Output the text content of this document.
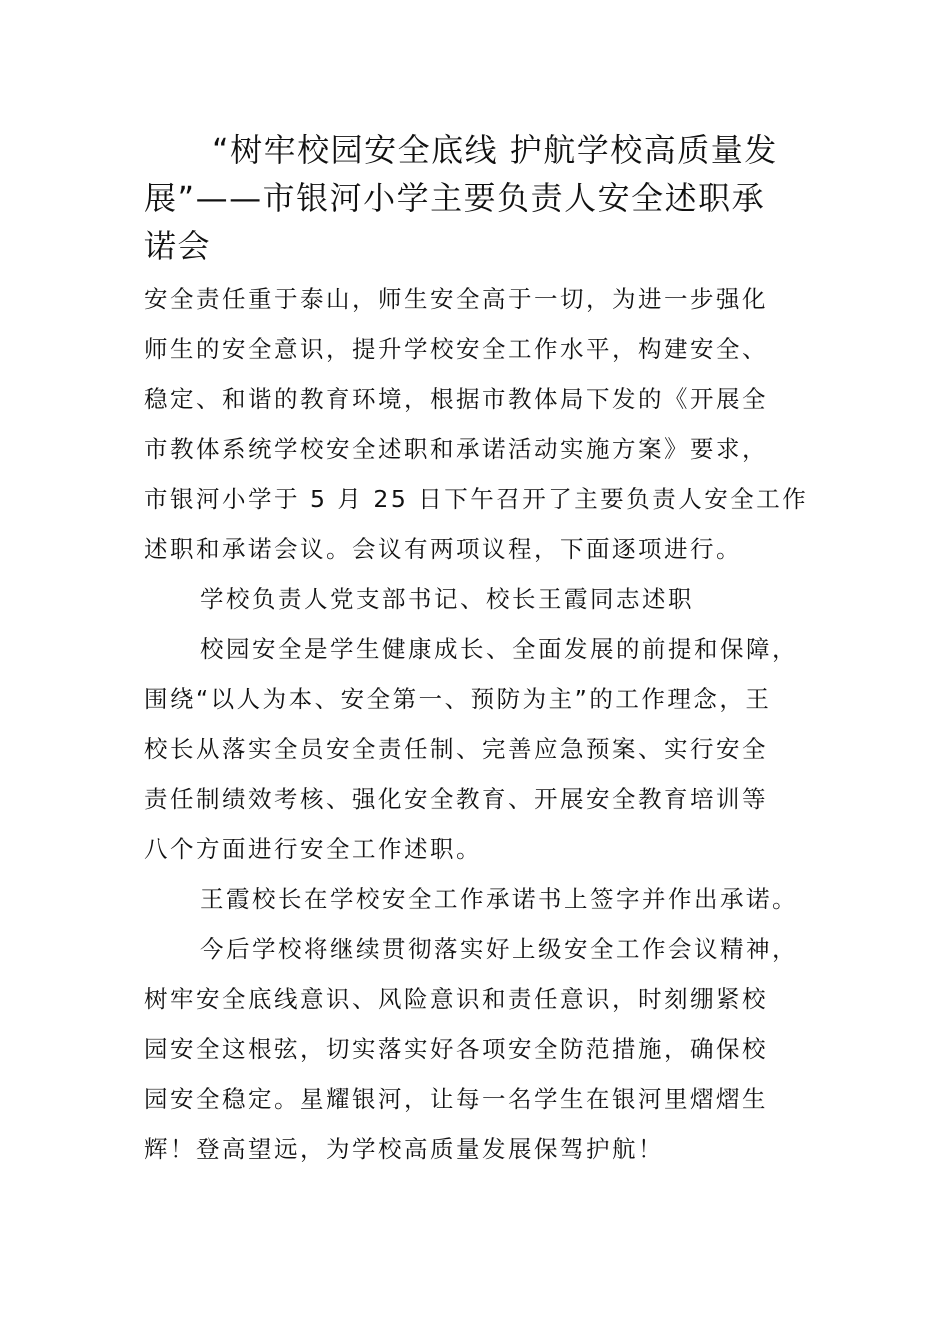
“树牢校园安全底线 护航学校高质量发
展”——市银河小学主要负责人安全述职承
诺会
安全责任重于泰山，师生安全高于一切，为进一步强化
师生的安全意识，提升学校安全工作水平，构建安全、
稳定、和谐的教育环境，根据市教体局下发的《开展全
市教体系统学校安全述职和承诺活动实施方案》要求，
市银河小学于 5 月 25 日下午召开了主要负责人安全工作
述职和承诺会议。会议有两项议程，下面逐项进行。
学校负责人党支部书记、校长王霞同志述职
校园安全是学生健康成长、全面发展的前提和保障，
围绕“以人为本、安全第一、预防为主”的工作理念，王
校长从落实全员安全责任制、完善应急预案、实行安全
责任制绩效考核、强化安全教育、开展安全教育培训等
八个方面进行安全工作述职。
王霞校长在学校安全工作承诺书上签字并作出承诺。
今后学校将继续贯彻落实好上级安全工作会议精神，
树牢安全底线意识、风险意识和责任意识，时刻绷紧校
园安全这根弦，切实落实好各项安全防范措施，确保校
园安全稳定。星耀银河，让每一名学生在银河里熠熠生
辉！登高望远，为学校高质量发展保驾护航！
